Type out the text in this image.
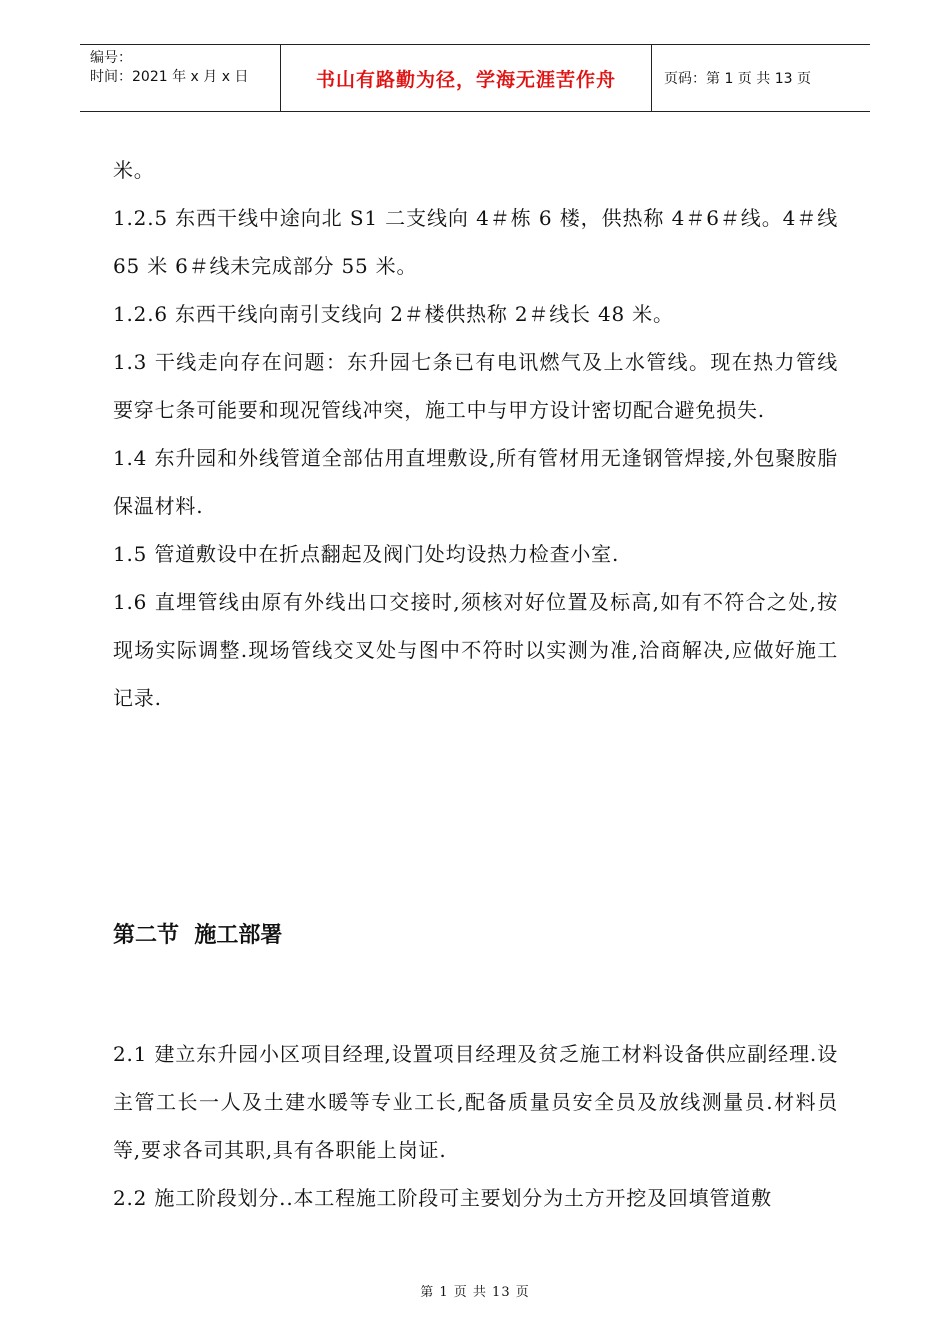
编号：
时间：2021 年 x 月 x 日	书山有路勤为径，学海无涯苦作舟	页码：第 1 页 共 13 页

米。

1.2.5 东西干线中途向北 S1 二支线向 4＃栋 6 楼，供热称 4＃6＃线。4＃线 65 米 6＃线未完成部分 55 米。

1.2.6 东西干线向南引支线向 2＃楼供热称 2＃线长 48 米。

1.3 干线走向存在问题：东升园七条已有电讯燃气及上水管线。现在热力管线要穿七条可能要和现况管线冲突，施工中与甲方设计密切配合避免损失.

1.4 东升园和外线管道全部估用直埋敷设,所有管材用无逢钢管焊接,外包聚胺脂保温材料.

1.5 管道敷设中在折点翻起及阀门处均设热力检查小室.

1.6 直埋管线由原有外线出口交接时,须核对好位置及标高,如有不符合之处,按现场实际调整.现场管线交叉处与图中不符时以实测为准,洽商解决,应做好施工记录.

第二节  施工部署

2.1 建立东升园小区项目经理,设置项目经理及贫乏施工材料设备供应副经理.设主管工长一人及土建水暖等专业工长,配备质量员安全员及放线测量员.材料员等,要求各司其职,具有各职能上岗证.

2.2 施工阶段划分..本工程施工阶段可主要划分为土方开挖及回填管道敷

第 1 页 共 13 页
